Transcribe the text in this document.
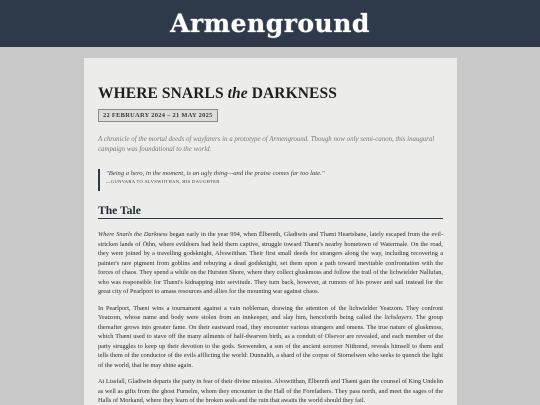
Armenground
WHERE SNARLS the DARKNESS
22 FEBRUARY 2024 – 21 MAY 2025
A chronicle of the mortal deeds of wayfarers in a prototype of Armenground. Though now only semi-canon, this inaugural campaign was foundational to the world.
"Being a hero, in the moment, is an ugly thing—and the praise comes far too late."
—GUNVARA TO ALVSWIITHAN, HIS DAUGHTER
The Tale

Where Snarls the Darkness began early in the year 994, when Ëlbereth, Gladiwin and Thæni Heartsbane, lately escaped from the evil-stricken lands of Öthn, where evildoers had held them captive, struggle toward Thæni's nearby hometown of Watermale. On the road, they were joined by a travelling godsknight, Alvswiithan. Their first small deeds for strangers along the way, including recovering a painter's rare pigment from goblins and rebuying a dead godsknight, set them upon a path toward inevitable confrontation with the forces of chaos. They spend a while on the Hursten Shore, where they collect gluskmoss and follow the trail of the lichwielder Nallufan, who was responsible for Thæni's kidnapping into servitude. They turn back, however, at rumors of his power and sail instead for the great city of Pearlport to amass resources and allies for the mounting war against chaos.

In Pearlport, Thæni wins a tournament against a vain nobleman, drawing the attention of the lichwielder Yeatzom. They confront Yeatzom, whose name and body were stolen from an innkeeper, and slay him, henceforth being called the lichslayers. The group thereafter grows into greater fame. On their eastward road, they encounter various strangers and omens. The true nature of gluskmoss, which Thæni used to stave off the many ailments of half-dwarven birth, as a conduit of Olsevor are revealed, and each member of the party struggles to keep up their devotion to the gods. Sorwenden, a son of the ancient sorcerer Nithrend, reveals himself to them and tells them of the conductor of the evils afflicting the world: Dunnalth, a shard of the corpse of Stornelwen who seeks to quench the light of the world, that he may shine again.

At Lissfall, Gladiwin departs the party in fear of their divine mission. Alvswiithan, Ëlbereth and Thæni gain the counsel of King Undelin as well as gifts from the ghost Furnelm, whom they encounter in the Hall of the Forefathers. They pass north, and meet the sages of the Halls of Morkand, where they learn of the broken seals and the ruin that awaits the world should they fail.
